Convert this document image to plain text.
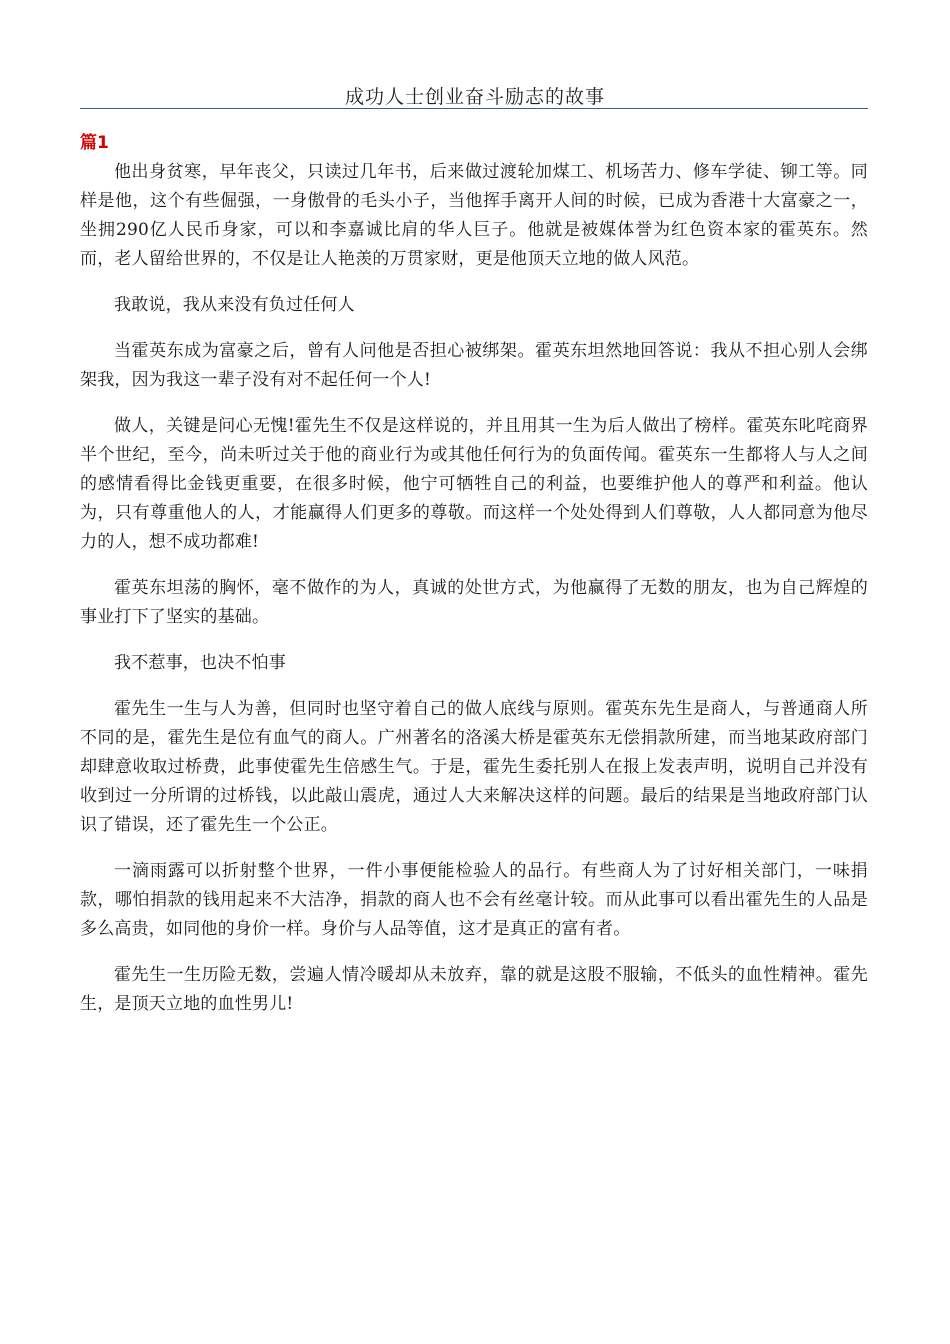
成功人士创业奋斗励志的故事
篇1

他出身贫寒，早年丧父，只读过几年书，后来做过渡轮加煤工、机场苦力、修车学徒、铆工等。同样是他，这个有些倔强，一身傲骨的毛头小子，当他挥手离开人间的时候，已成为香港十大富豪之一，坐拥290亿人民币身家，可以和李嘉诚比肩的华人巨子。他就是被媒体誉为红色资本家的霍英东。然而，老人留给世界的，不仅是让人艳羡的万贯家财，更是他顶天立地的做人风范。

我敢说，我从来没有负过任何人

当霍英东成为富豪之后，曾有人问他是否担心被绑架。霍英东坦然地回答说：我从不担心别人会绑架我，因为我这一辈子没有对不起任何一个人!

做人，关键是问心无愧!霍先生不仅是这样说的，并且用其一生为后人做出了榜样。霍英东叱咤商界半个世纪，至今，尚未听过关于他的商业行为或其他任何行为的负面传闻。霍英东一生都将人与人之间的感情看得比金钱更重要，在很多时候，他宁可牺牲自己的利益，也要维护他人的尊严和利益。他认为，只有尊重他人的人，才能赢得人们更多的尊敬。而这样一个处处得到人们尊敬，人人都同意为他尽力的人，想不成功都难!

霍英东坦荡的胸怀，毫不做作的为人，真诚的处世方式，为他赢得了无数的朋友，也为自己辉煌的事业打下了坚实的基础。

我不惹事，也决不怕事

霍先生一生与人为善，但同时也坚守着自己的做人底线与原则。霍英东先生是商人，与普通商人所不同的是，霍先生是位有血气的商人。广州著名的洛溪大桥是霍英东无偿捐款所建，而当地某政府部门却肆意收取过桥费，此事使霍先生倍感生气。于是，霍先生委托别人在报上发表声明，说明自己并没有收到过一分所谓的过桥钱，以此敲山震虎，通过人大来解决这样的问题。最后的结果是当地政府部门认识了错误，还了霍先生一个公正。

一滴雨露可以折射整个世界，一件小事便能检验人的品行。有些商人为了讨好相关部门，一味捐款，哪怕捐款的钱用起来不大洁净，捐款的商人也不会有丝毫计较。而从此事可以看出霍先生的人品是多么高贵，如同他的身价一样。身价与人品等值，这才是真正的富有者。

霍先生一生历险无数，尝遍人情冷暖却从未放弃，靠的就是这股不服输，不低头的血性精神。霍先生，是顶天立地的血性男儿!
